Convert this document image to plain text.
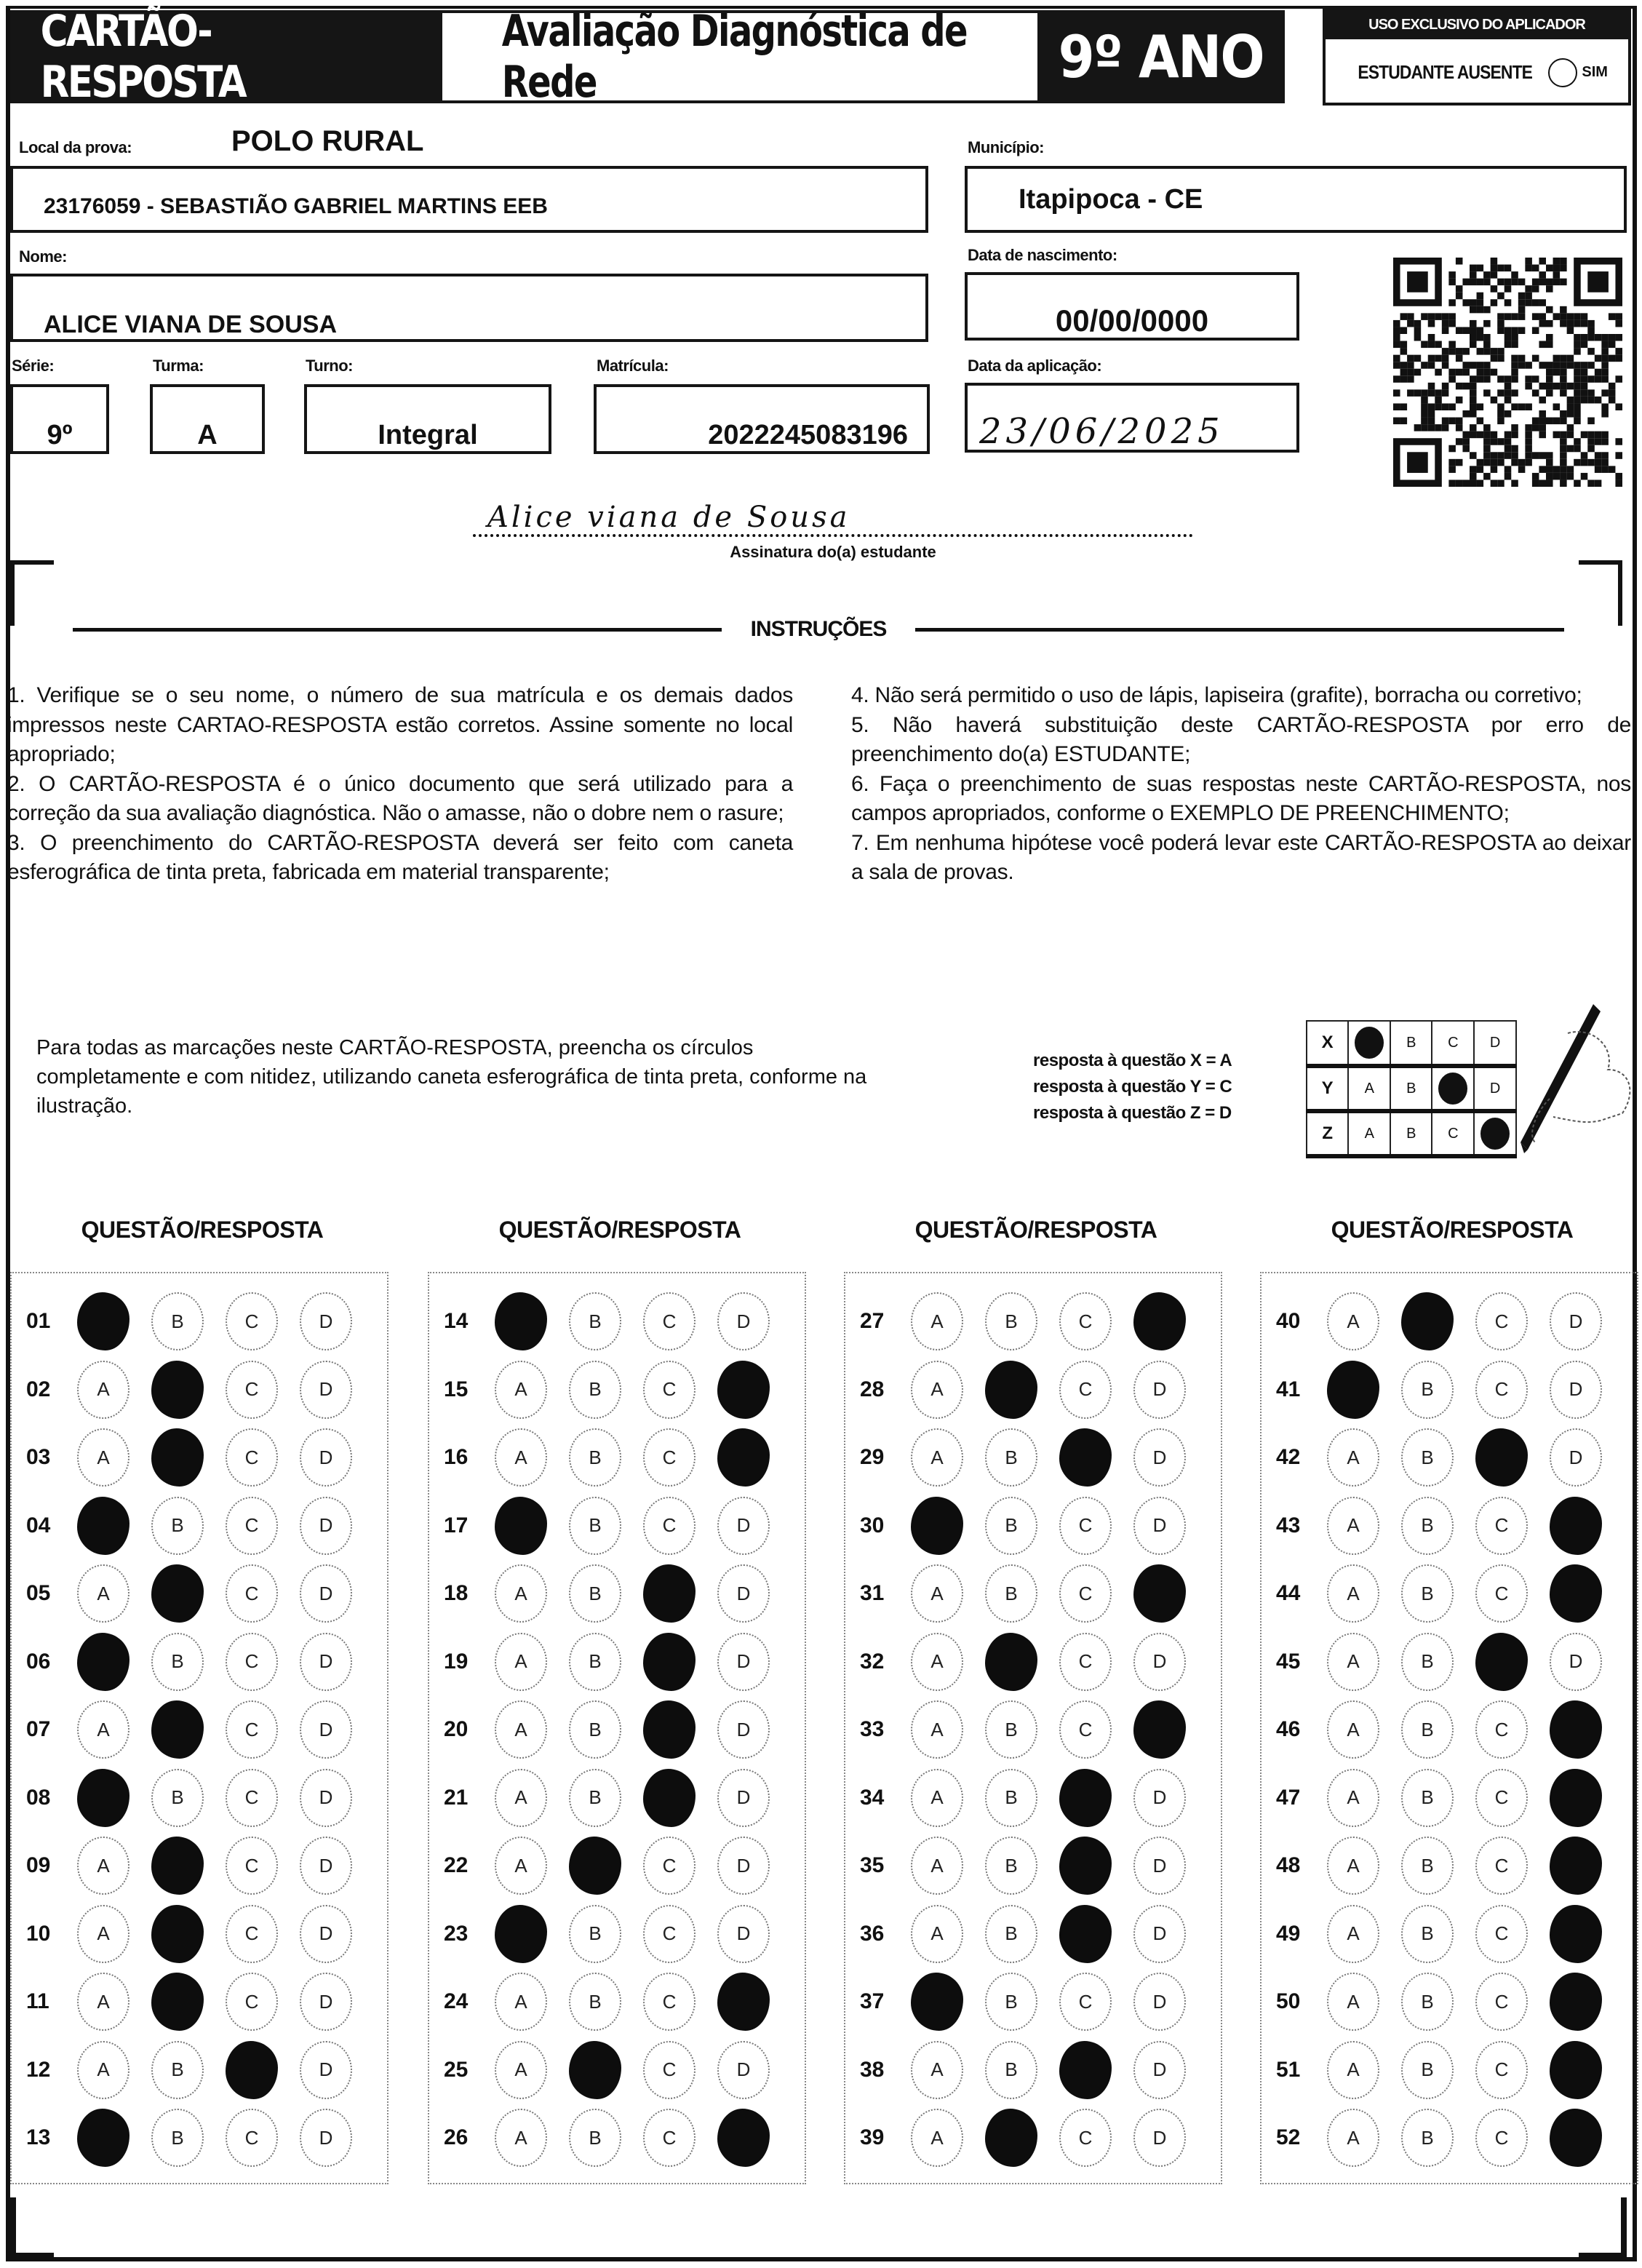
CARTÃO-RESPOSTA
Avaliação Diagnóstica de Rede	9º ANO	USO EXCLUSIVO DO APLICADOR
ESTUDANTE AUSENTE	SIM
Local da prova:	POLO RURAL
23176059 - SEBASTIÃO GABRIEL MARTINS EEB
Município:
Itapipoca - CE
Nome:
ALICE VIANA DE SOUSA
Data de nascimento:
00/00/0000
Série:
9º
Turma:
A
Turno:
Integral
Matrícula:
2022245083196
Data da aplicação:
23/06/2025
Alice viana de Sousa
Assinatura do(a) estudante
INSTRUÇÕES

1. Verifique se o seu nome, o número de sua matrícula e os demais dados impressos neste CARTAO-RESPOSTA estão corretos. Assine somente no local apropriado;

2. O CARTÃO-RESPOSTA é o único documento que será utilizado para a correção da sua avaliação diagnóstica. Não o amasse, não o dobre nem o rasure;

3. O preenchimento do CARTÃO-RESPOSTA deverá ser feito com caneta esferográfica de tinta preta, fabricada em material transparente;

4. Não será permitido o uso de lápis, lapiseira (grafite), borracha ou corretivo;

5. Não haverá substituição deste CARTÃO-RESPOSTA por erro de preenchimento do(a) ESTUDANTE;

6. Faça o preenchimento de suas respostas neste CARTÃO-RESPOSTA, nos campos apropriados, conforme o EXEMPLO DE PREENCHIMENTO;

7. Em nenhuma hipótese você poderá levar este CARTÃO-RESPOSTA ao deixar a sala de provas.

Para todas as marcações neste CARTÃO-RESPOSTA, preencha os círculos completamente e com nitidez, utilizando caneta esferográfica de tinta preta, conforme na ilustração.
resposta à questão X = A
resposta à questão Y = C
resposta à questão Z = D
X		B	C	D
Y	A	B		D
Z	A	B	C	
QUESTÃO/RESPOSTA
01	B	C	D
02	A	C	D
03	A	C	D
04	B	C	D
05	A	C	D
06	B	C	D
07	A	C	D
08	B	C	D
09	A	C	D
10	A	C	D
11	A	C	D
12	A	B	D
13	B	C	D
QUESTÃO/RESPOSTA
14	B	C	D
15	A	B	C
16	A	B	C
17	B	C	D
18	A	B	D
19	A	B	D
20	A	B	D
21	A	B	D
22	A	C	D
23	B	C	D
24	A	B	C
25	A	C	D
26	A	B	C
QUESTÃO/RESPOSTA
27	A	B	C
28	A	C	D
29	A	B	D
30	B	C	D
31	A	B	C
32	A	C	D
33	A	B	C
34	A	B	D
35	A	B	D
36	A	B	D
37	B	C	D
38	A	B	D
39	A	C	D
QUESTÃO/RESPOSTA
40	A	C	D
41	B	C	D
42	A	B	D
43	A	B	C
44	A	B	C
45	A	B	D
46	A	B	C
47	A	B	C
48	A	B	C
49	A	B	C
50	A	B	C
51	A	B	C
52	A	B	C
